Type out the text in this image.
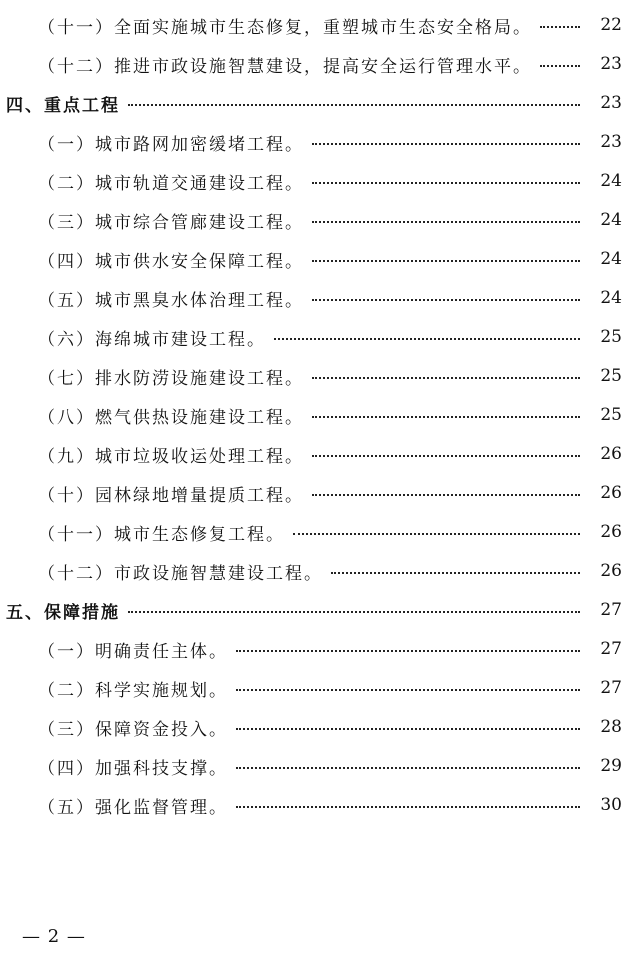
（十一）全面实施城市生态修复，重塑城市生态安全格局。	22
（十二）推进市政设施智慧建设，提高安全运行管理水平。	23
四、重点工程	23
（一）城市路网加密缓堵工程。	23
（二）城市轨道交通建设工程。	24
（三）城市综合管廊建设工程。	24
（四）城市供水安全保障工程。	24
（五）城市黑臭水体治理工程。	24
（六）海绵城市建设工程。	25
（七）排水防涝设施建设工程。	25
（八）燃气供热设施建设工程。	25
（九）城市垃圾收运处理工程。	26
（十）园林绿地增量提质工程。	26
（十一）城市生态修复工程。	26
（十二）市政设施智慧建设工程。	26
五、保障措施	27
（一）明确责任主体。	27
（二）科学实施规划。	27
（三）保障资金投入。	28
（四）加强科技支撑。	29
（五）强化监督管理。	30
— 2 —
